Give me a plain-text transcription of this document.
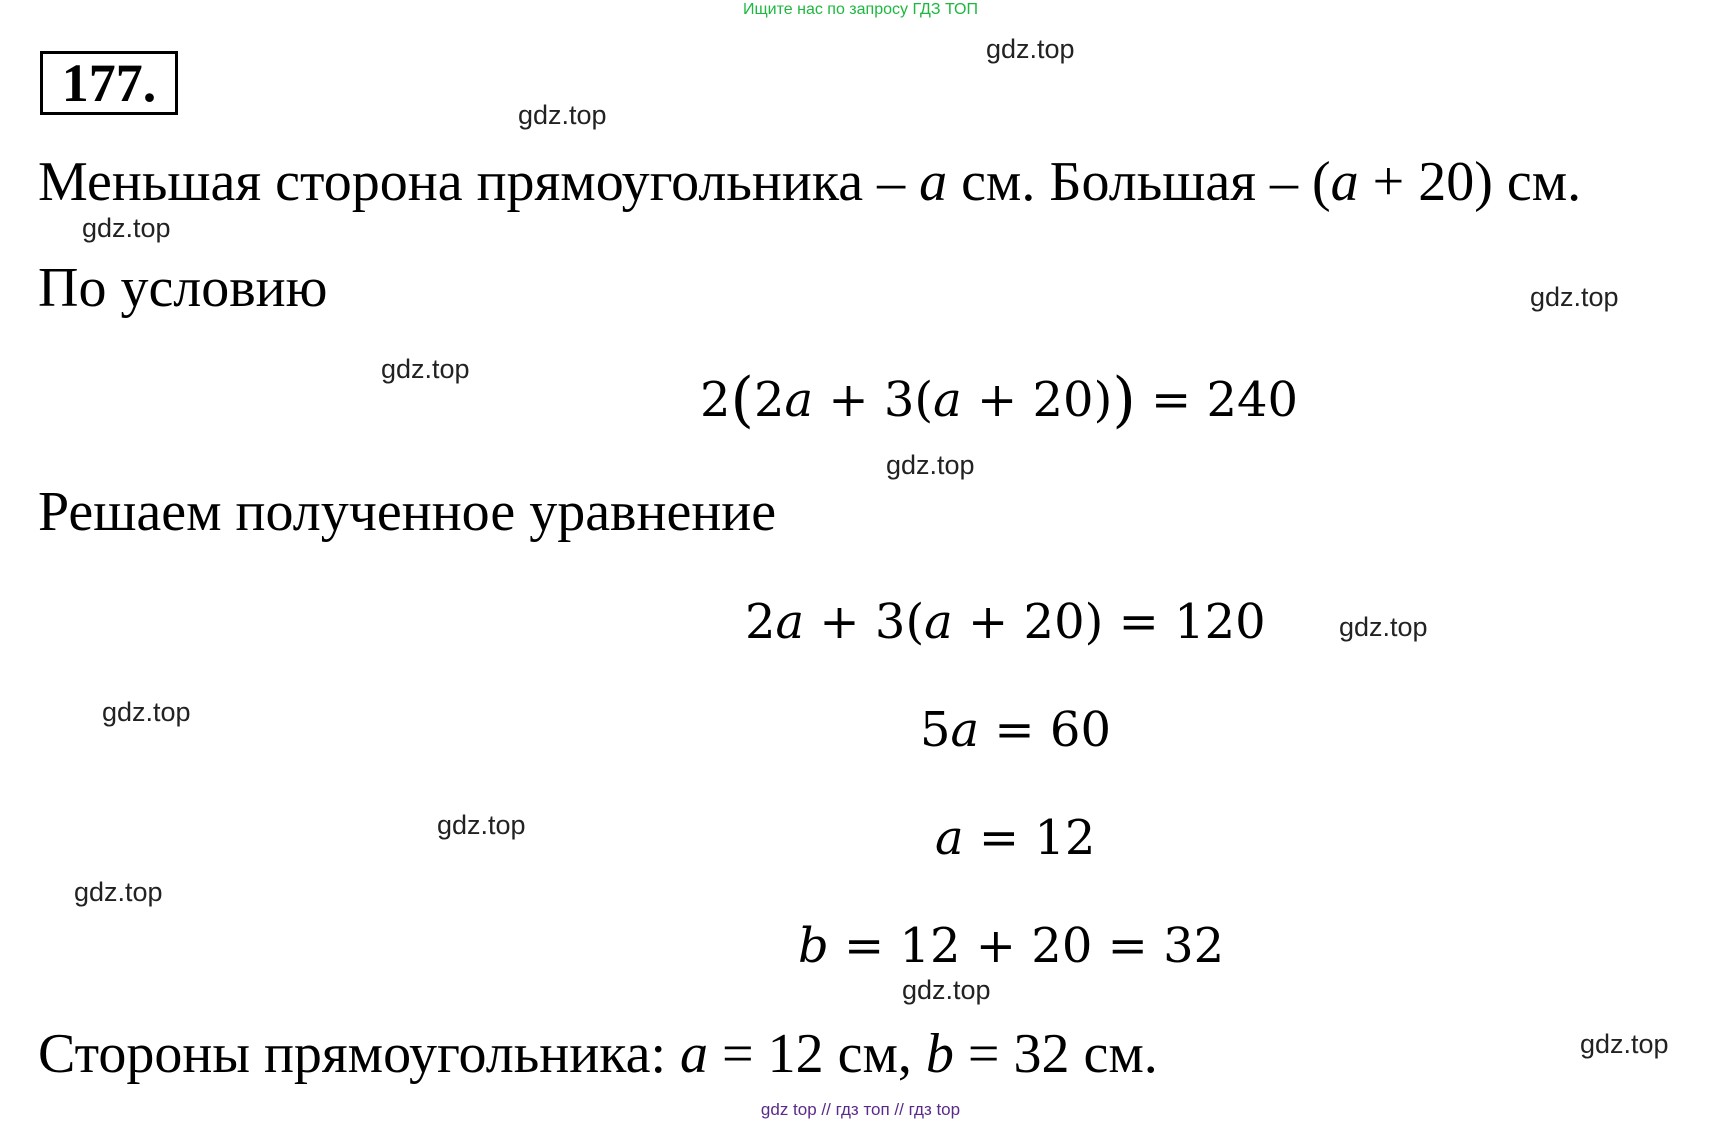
Ищите нас по запросу ГДЗ ТОП
177.
Меньшая сторона прямоугольника – a см. Большая – (a + 20) см.
По условию
2(2a + 3(a + 20)) = 240
Решаем полученное уравнение
2a + 3(a + 20) = 120
5a = 60
a = 12
b = 12 + 20 = 32
Стороны прямоугольника: a = 12 см, b = 32 см.
gdz.top
gdz.top
gdz.top
gdz.top
gdz.top
gdz.top
gdz.top
gdz.top
gdz.top
gdz.top
gdz.top
gdz.top
gdz top // гдз топ // гдз top
